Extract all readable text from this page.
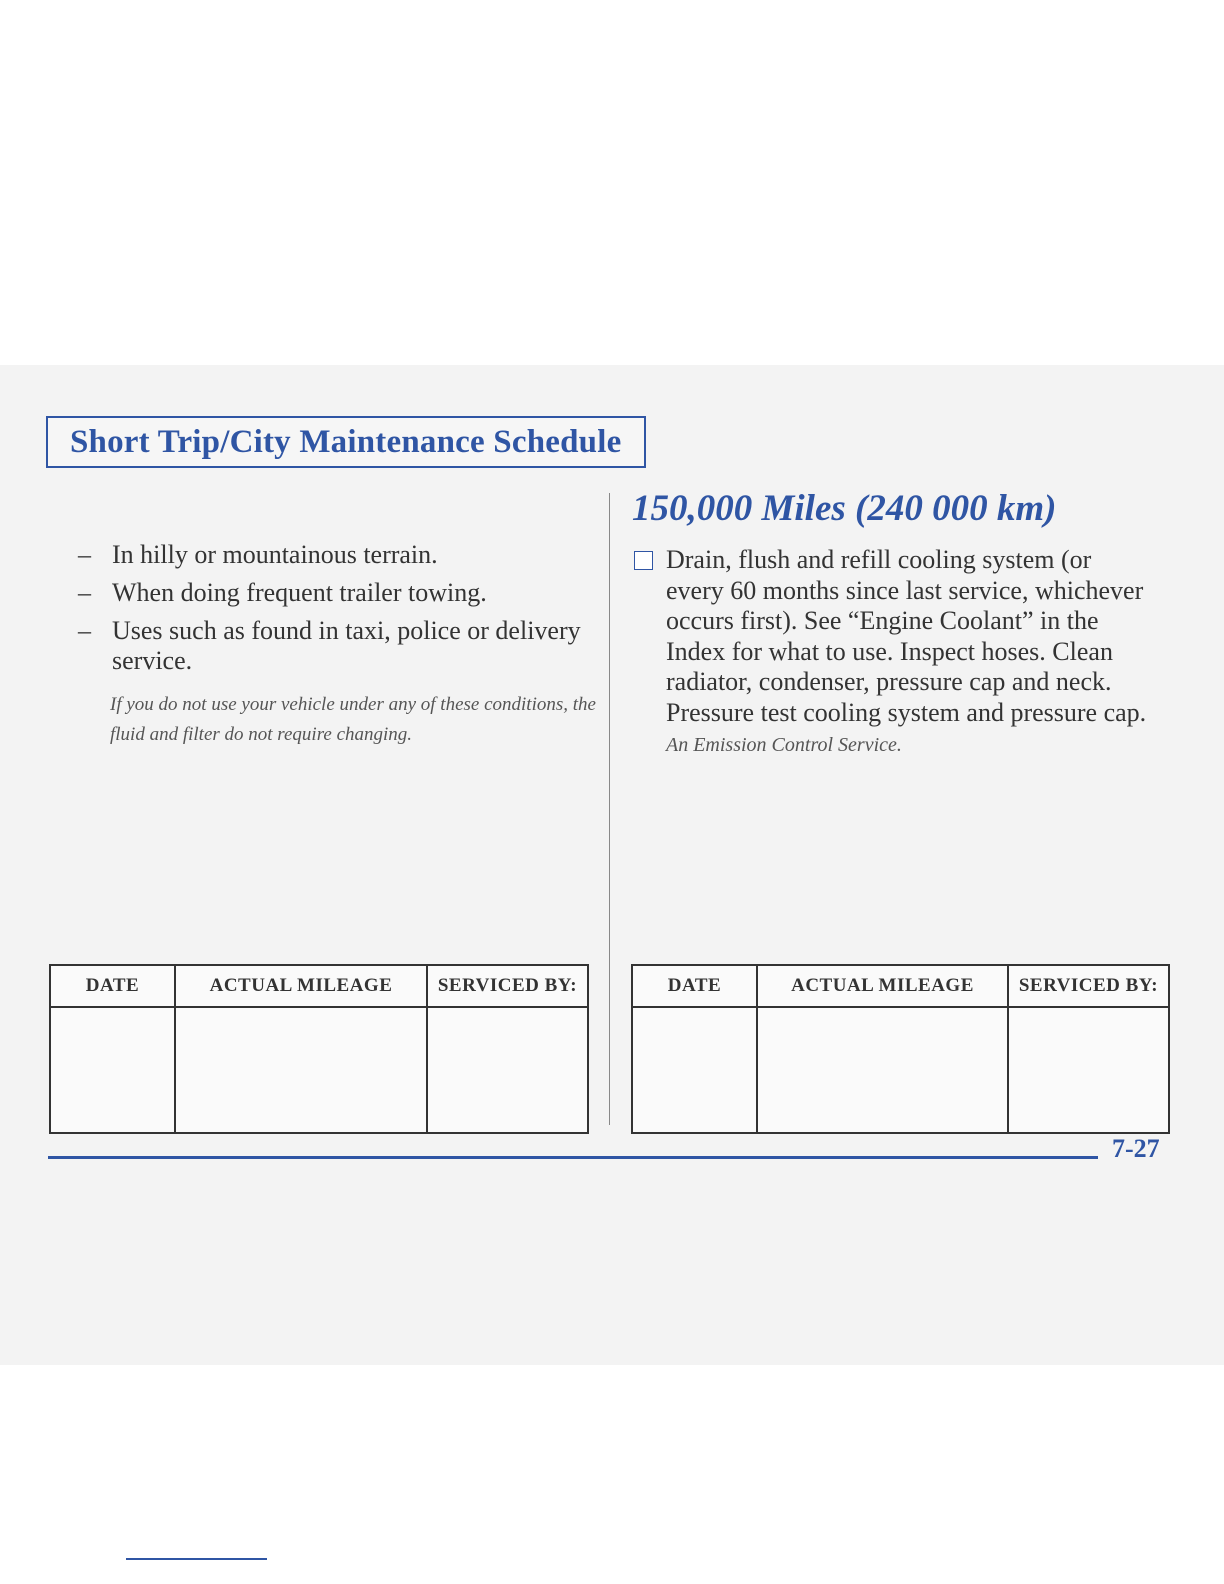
Short Trip/City Maintenance Schedule
– In hilly or mountainous terrain.
– When doing frequent trailer towing.
– Uses such as found in taxi, police or delivery service.
If you do not use your vehicle under any of these conditions, the fluid and filter do not require changing.
150,000 Miles (240 000 km)
Drain, flush and refill cooling system (or every 60 months since last service, whichever occurs first). See “Engine Coolant” in the Index for what to use. Inspect hoses. Clean radiator, condenser, pressure cap and neck. Pressure test cooling system and pressure cap.
An Emission Control Service.
DATE	ACTUAL MILEAGE	SERVICED BY:
			DATE	ACTUAL MILEAGE	SERVICED BY:

7-27
